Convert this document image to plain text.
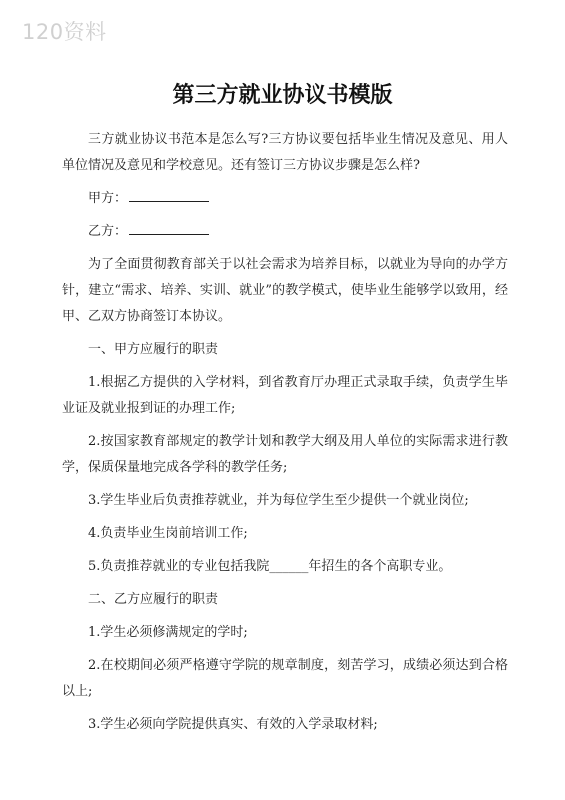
120资料
第三方就业协议书模版

三方就业协议书范本是怎么写?三方协议要包括毕业生情况及意见、用人单位情况及意见和学校意见。还有签订三方协议步骤是怎么样?

甲方：

乙方：

为了全面贯彻教育部关于以社会需求为培养目标，以就业为导向的办学方针，建立“需求、培养、实训、就业”的教学模式，使毕业生能够学以致用，经甲、乙双方协商签订本协议。

一、甲方应履行的职责

1.根据乙方提供的入学材料，到省教育厅办理正式录取手续，负责学生毕业证及就业报到证的办理工作;

2.按国家教育部规定的教学计划和教学大纲及用人单位的实际需求进行教学，保质保量地完成各学科的教学任务;

3.学生毕业后负责推荐就业，并为每位学生至少提供一个就业岗位;

4.负责毕业生岗前培训工作;

5.负责推荐就业的专业包括我院______年招生的各个高职专业。

二、乙方应履行的职责

1.学生必须修满规定的学时;

2.在校期间必须严格遵守学院的规章制度，刻苦学习，成绩必须达到合格以上;

3.学生必须向学院提供真实、有效的入学录取材料;
